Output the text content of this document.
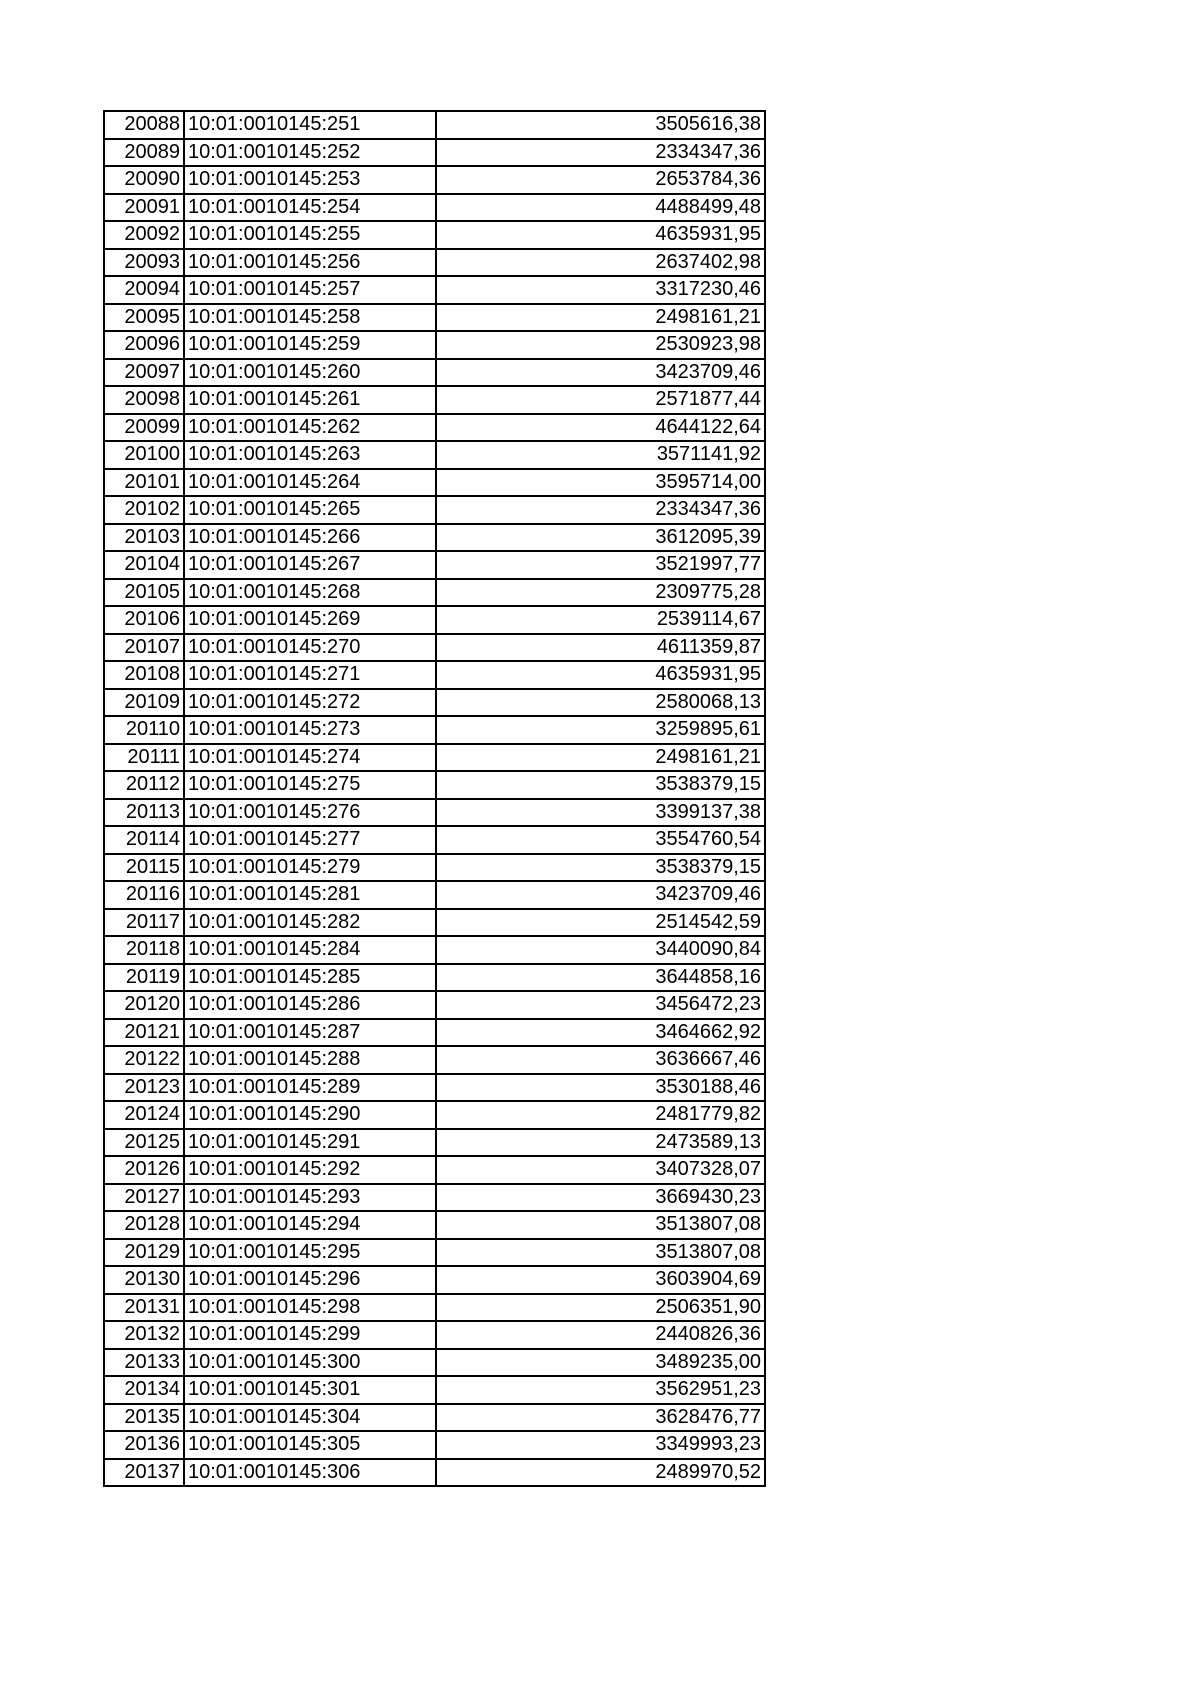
20088	10:01:0010145:251	3505616,38
20089	10:01:0010145:252	2334347,36
20090	10:01:0010145:253	2653784,36
20091	10:01:0010145:254	4488499,48
20092	10:01:0010145:255	4635931,95
20093	10:01:0010145:256	2637402,98
20094	10:01:0010145:257	3317230,46
20095	10:01:0010145:258	2498161,21
20096	10:01:0010145:259	2530923,98
20097	10:01:0010145:260	3423709,46
20098	10:01:0010145:261	2571877,44
20099	10:01:0010145:262	4644122,64
20100	10:01:0010145:263	3571141,92
20101	10:01:0010145:264	3595714,00
20102	10:01:0010145:265	2334347,36
20103	10:01:0010145:266	3612095,39
20104	10:01:0010145:267	3521997,77
20105	10:01:0010145:268	2309775,28
20106	10:01:0010145:269	2539114,67
20107	10:01:0010145:270	4611359,87
20108	10:01:0010145:271	4635931,95
20109	10:01:0010145:272	2580068,13
20110	10:01:0010145:273	3259895,61
20111	10:01:0010145:274	2498161,21
20112	10:01:0010145:275	3538379,15
20113	10:01:0010145:276	3399137,38
20114	10:01:0010145:277	3554760,54
20115	10:01:0010145:279	3538379,15
20116	10:01:0010145:281	3423709,46
20117	10:01:0010145:282	2514542,59
20118	10:01:0010145:284	3440090,84
20119	10:01:0010145:285	3644858,16
20120	10:01:0010145:286	3456472,23
20121	10:01:0010145:287	3464662,92
20122	10:01:0010145:288	3636667,46
20123	10:01:0010145:289	3530188,46
20124	10:01:0010145:290	2481779,82
20125	10:01:0010145:291	2473589,13
20126	10:01:0010145:292	3407328,07
20127	10:01:0010145:293	3669430,23
20128	10:01:0010145:294	3513807,08
20129	10:01:0010145:295	3513807,08
20130	10:01:0010145:296	3603904,69
20131	10:01:0010145:298	2506351,90
20132	10:01:0010145:299	2440826,36
20133	10:01:0010145:300	3489235,00
20134	10:01:0010145:301	3562951,23
20135	10:01:0010145:304	3628476,77
20136	10:01:0010145:305	3349993,23
20137	10:01:0010145:306	2489970,52
